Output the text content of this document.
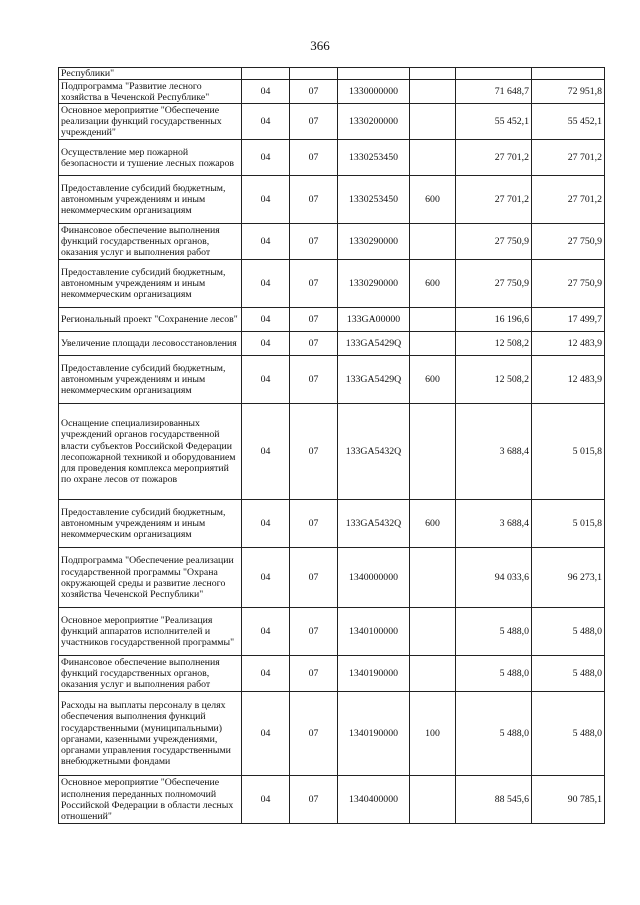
366
Республики"						
Подпрограмма "Развитие лесного хозяйства в Чеченской Республике"	04	07	1330000000		71 648,7	72 951,8
Основное мероприятие "Обеспечение реализации функций государственных учреждений"	04	07	1330200000		55 452,1	55 452,1
Осуществление мер пожарной безопасности и тушение лесных пожаров	04	07	1330253450		27 701,2	27 701,2
Предоставление субсидий бюджетным, автономным учреждениям и иным некоммерческим организациям	04	07	1330253450	600	27 701,2	27 701,2
Финансовое обеспечение выполнения функций государственных органов, оказания услуг и выполнения работ	04	07	1330290000		27 750,9	27 750,9
Предоставление субсидий бюджетным, автономным учреждениям и иным некоммерческим организациям	04	07	1330290000	600	27 750,9	27 750,9
Региональный проект "Сохранение лесов"	04	07	133GA00000		16 196,6	17 499,7
Увеличение площади лесовосстановления	04	07	133GA5429Q		12 508,2	12 483,9
Предоставление субсидий бюджетным, автономным учреждениям и иным некоммерческим организациям	04	07	133GA5429Q	600	12 508,2	12 483,9
Оснащение специализированных учреждений органов государственной власти субъектов Российской Федерации лесопожарной техникой и оборудованием для проведения комплекса мероприятий по охране лесов от пожаров	04	07	133GA5432Q		3 688,4	5 015,8
Предоставление субсидий бюджетным, автономным учреждениям и иным некоммерческим организациям	04	07	133GA5432Q	600	3 688,4	5 015,8
Подпрограмма "Обеспечение реализации государственной программы "Охрана окружающей среды и развитие лесного хозяйства Чеченской Республики"	04	07	1340000000		94 033,6	96 273,1
Основное мероприятие "Реализация функций аппаратов исполнителей и участников государственной программы"	04	07	1340100000		5 488,0	5 488,0
Финансовое обеспечение выполнения функций государственных органов, оказания услуг и выполнения работ	04	07	1340190000		5 488,0	5 488,0
Расходы на выплаты персоналу в целях обеспечения выполнения функций государственными (муниципальными) органами, казенными учреждениями, органами управления государственными внебюджетными фондами	04	07	1340190000	100	5 488,0	5 488,0
Основное мероприятие "Обеспечение исполнения переданных полномочий Российской Федерации в области лесных отношений"	04	07	1340400000		88 545,6	90 785,1
